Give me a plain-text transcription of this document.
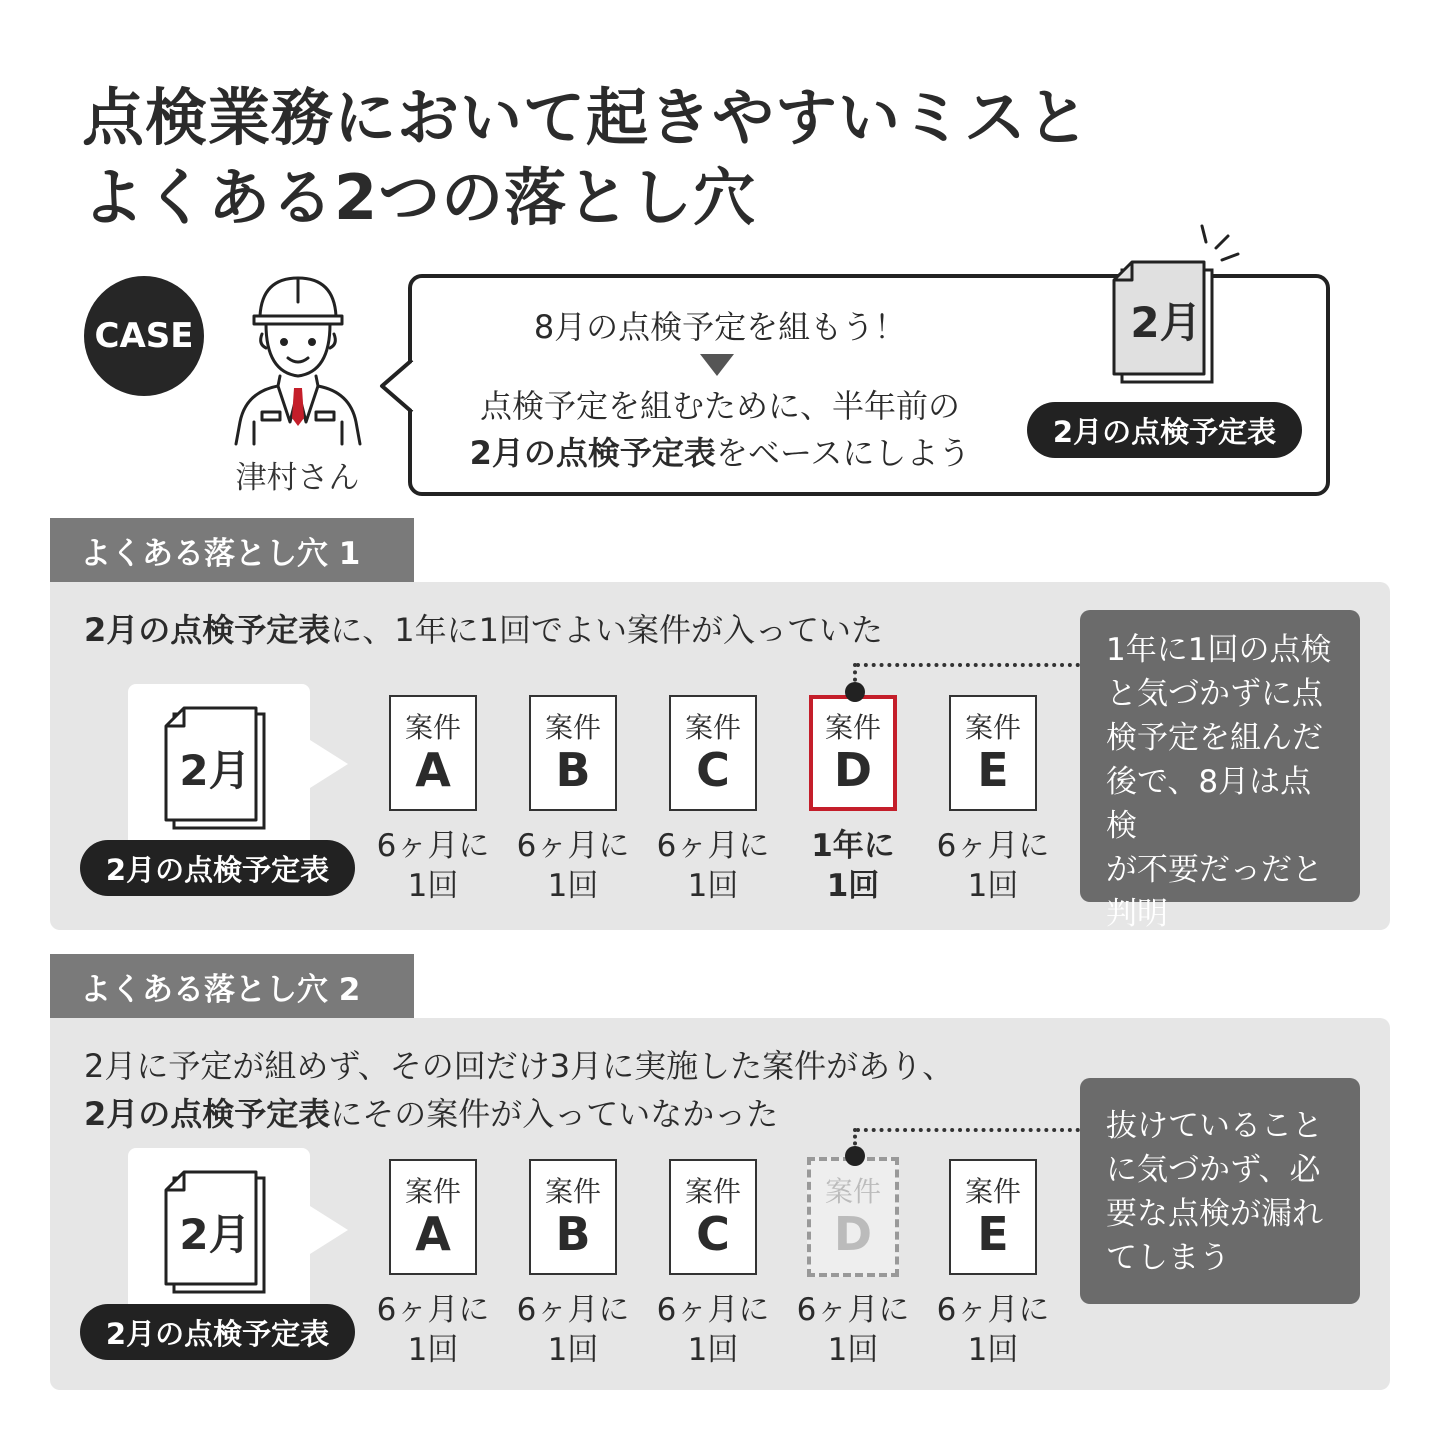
点検業務において起きやすいミスと
よくある2つの落とし穴
CASE
津村さん
8月の点検予定を組もう！
点検予定を組むために、半年前の
2月の点検予定表をベースにしよう
2月
2月の点検予定表
よくある落とし穴 1
2月の点検予定表に、1年に1回でよい案件が入っていた
2月
2月の点検予定表
案件
A
案件
B
案件
C
案件
D
案件
E
6ヶ月に
1回
6ヶ月に
1回
6ヶ月に
1回
1年に
1回
6ヶ月に
1回
1年に1回の点検
と気づかずに点
検予定を組んだ
後で、8月は点検
が不要だっだと
判明
よくある落とし穴 2
2月に予定が組めず、その回だけ3月に実施した案件があり、
2月の点検予定表にその案件が入っていなかった
2月
2月の点検予定表
案件
A
案件
B
案件
C
案件
D
案件
E
6ヶ月に
1回
6ヶ月に
1回
6ヶ月に
1回
6ヶ月に
1回
6ヶ月に
1回
抜けていること
に気づかず、必
要な点検が漏れ
てしまう
